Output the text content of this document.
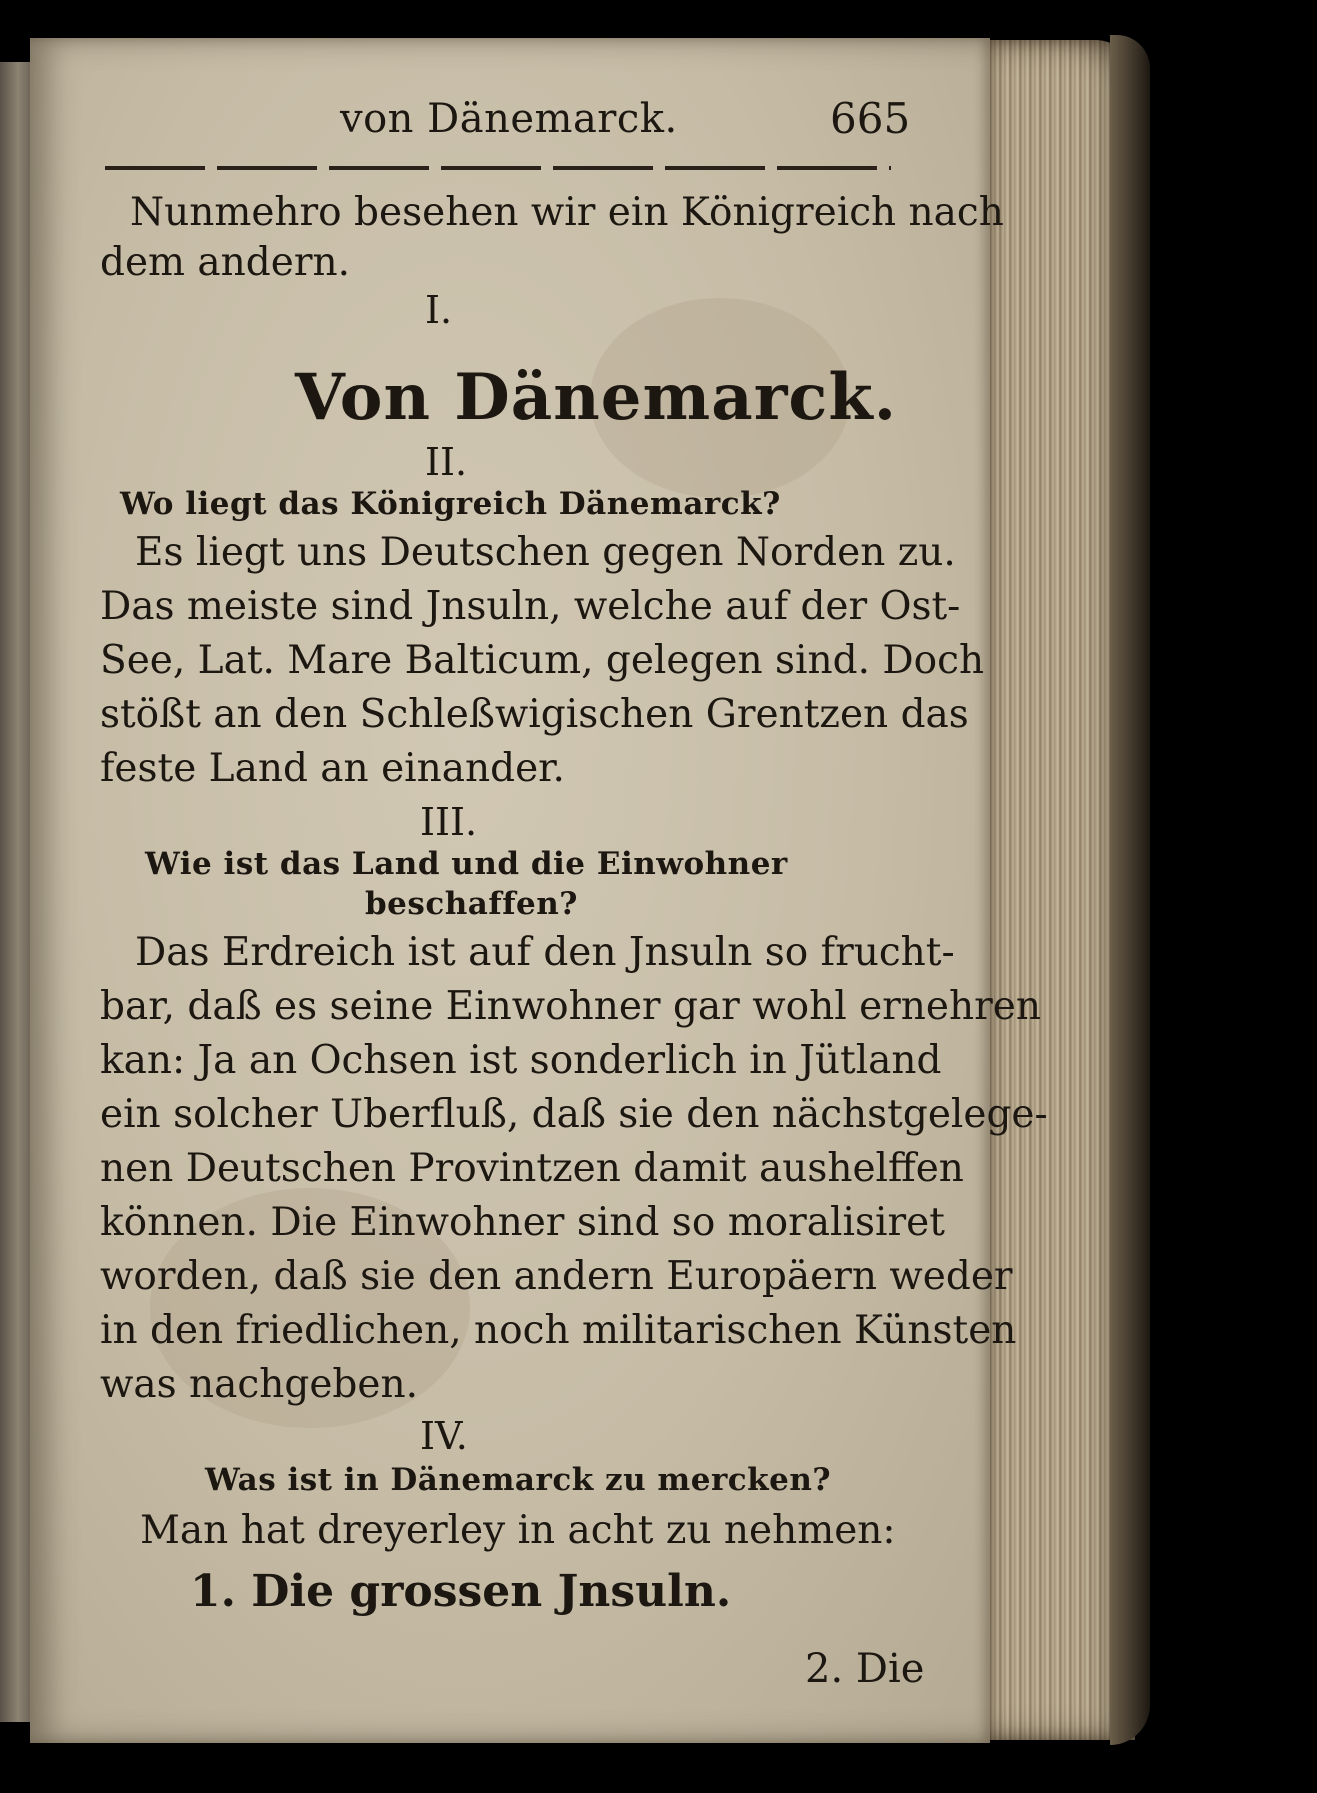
von Dänemarck.	665
Nunmehro besehen wir ein Königreich nach
dem andern.
I.
Von Dänemarck.
II.
Wo liegt das Königreich Dänemarck?
Es liegt uns Deutschen gegen Norden zu.
Das meiste sind Jnsuln, welche auf der Ost-
See, Lat. Mare Balticum, gelegen sind. Doch
stößt an den Schleßwigischen Grentzen das
feste Land an einander.
III.
Wie ist das Land und die Einwohner
beschaffen?
Das Erdreich ist auf den Jnsuln so frucht-
bar, daß es seine Einwohner gar wohl ernehren
kan: Ja an Ochsen ist sonderlich in Jütland
ein solcher Uberfluß, daß sie den nächstgelege-
nen Deutschen Provintzen damit aushelffen
können. Die Einwohner sind so moralisiret
worden, daß sie den andern Europäern weder
in den friedlichen, noch militarischen Künsten
was nachgeben.
IV.
Was ist in Dänemarck zu mercken?
Man hat dreyerley in acht zu nehmen:
1. Die grossen Jnsuln.
2. Die
